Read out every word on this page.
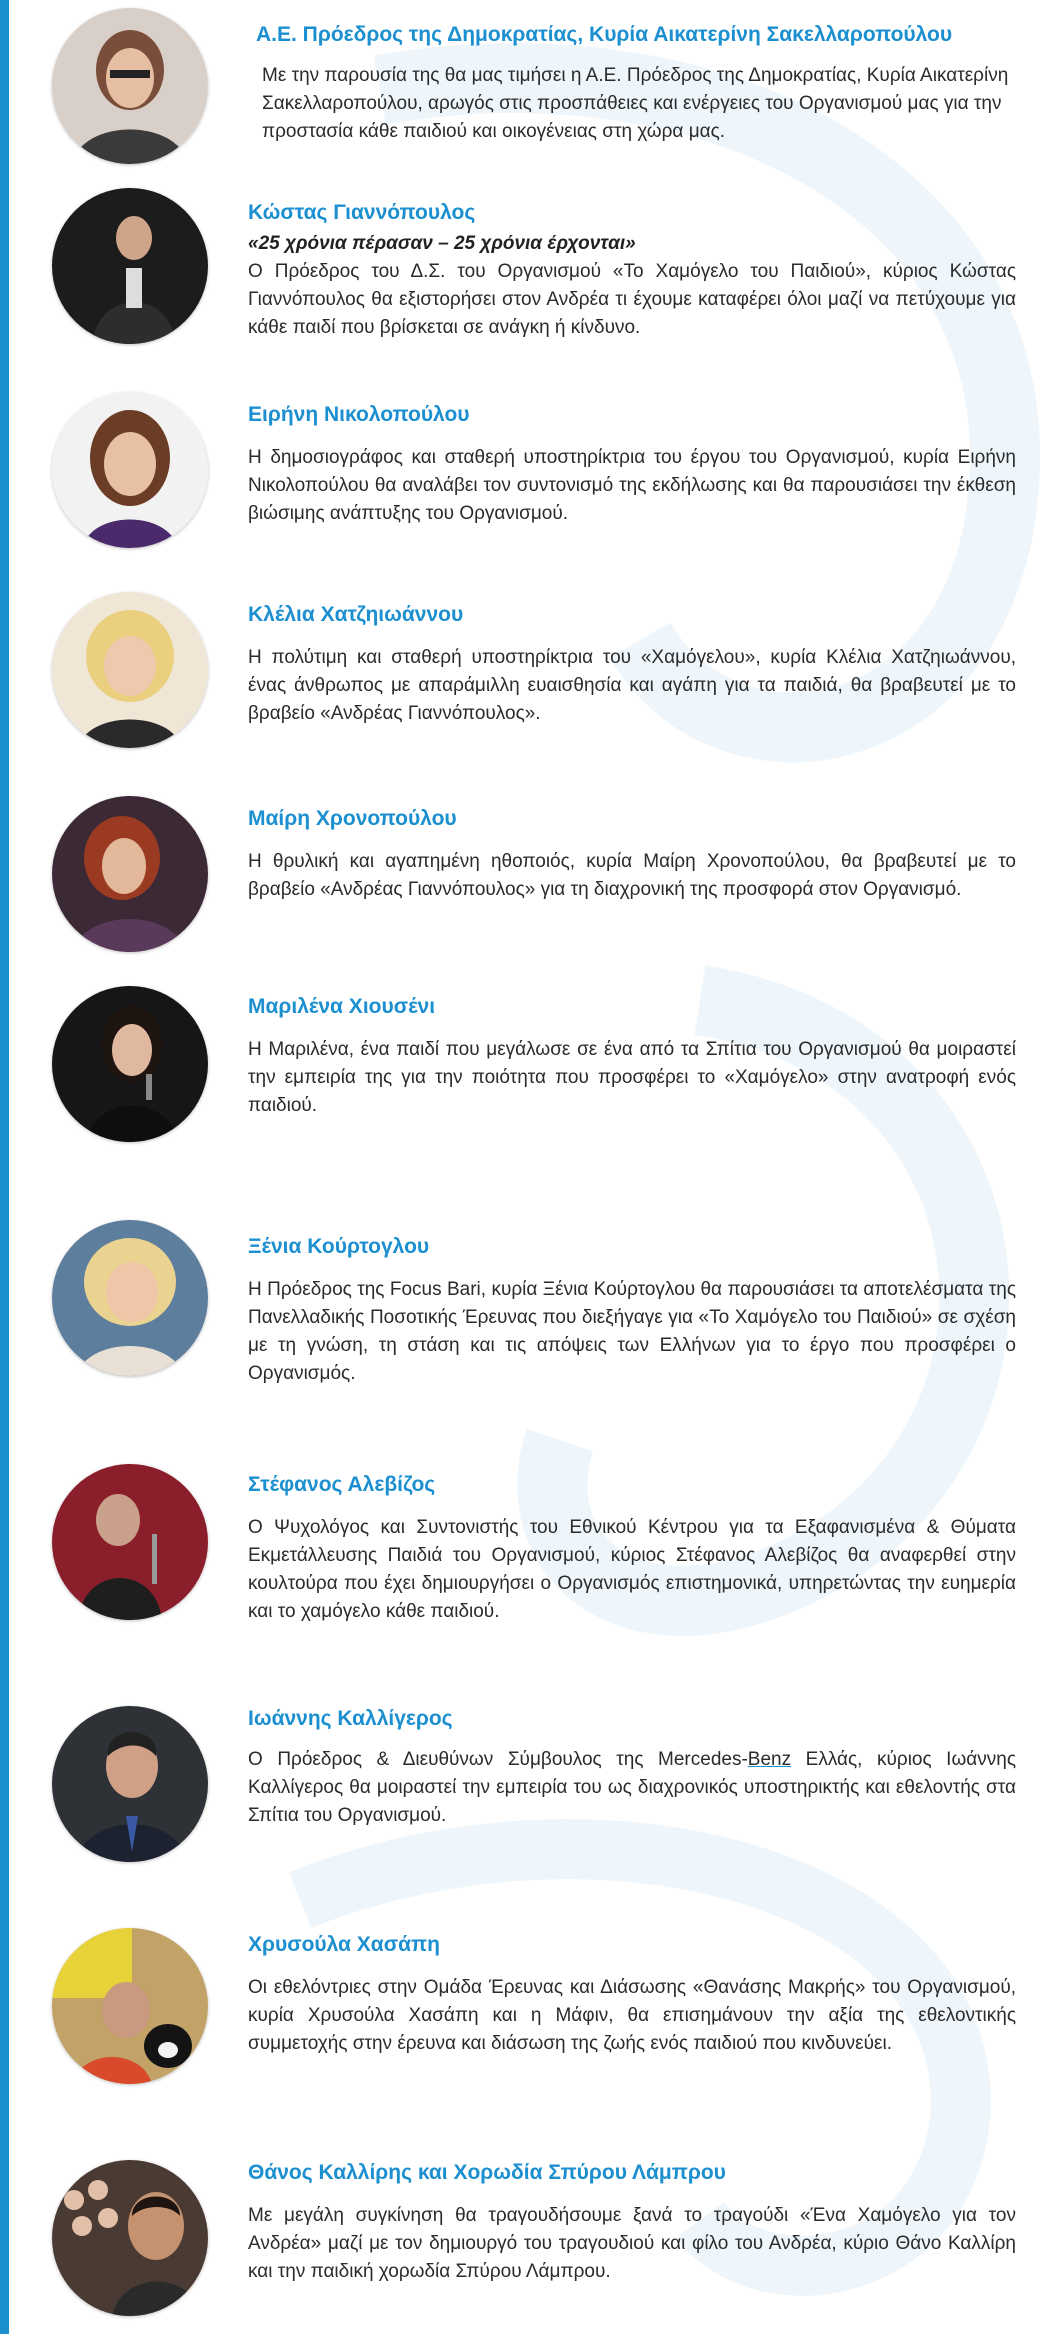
Α.Ε. Πρόεδρος της Δημοκρατίας, Κυρία Αικατερίνη Σακελλαροπούλου

Με την παρουσία της θα μας τιμήσει η Α.Ε. Πρόεδρος της Δημοκρατίας, Κυρία Αικατερίνη Σακελλαροπούλου, αρωγός στις προσπάθειες και ενέργειες του Οργανισμού μας για την προστασία κάθε παιδιού και οικογένειας στη χώρα μας.

Κώστας Γιαννόπουλος
«25 χρόνια πέρασαν – 25 χρόνια έρχονται»

Ο Πρόεδρος του Δ.Σ. του Οργανισμού «Το Χαμόγελο του Παιδιού», κύριος Κώστας Γιαννόπουλος θα εξιστορήσει στον Ανδρέα τι έχουμε καταφέρει όλοι μαζί να πετύχουμε για κάθε παιδί που βρίσκεται σε ανάγκη ή κίνδυνο.

Ειρήνη Νικολοπούλου

Η δημοσιογράφος και σταθερή υποστηρίκτρια του έργου του Οργανισμού, κυρία Ειρήνη Νικολοπούλου θα αναλάβει τον συντονισμό της εκδήλωσης και θα παρουσιάσει την έκθεση βιώσιμης ανάπτυξης του Οργανισμού.

Κλέλια Χατζηιωάννου

Η πολύτιμη και σταθερή υποστηρίκτρια του «Χαμόγελου», κυρία Κλέλια Χατζηιωάννου, ένας άνθρωπος με απαράμιλλη ευαισθησία και αγάπη για τα παιδιά, θα βραβευτεί με το βραβείο «Ανδρέας Γιαννόπουλος».

Μαίρη Χρονοπούλου

Η θρυλική και αγαπημένη ηθοποιός, κυρία Μαίρη Χρονοπούλου, θα βραβευτεί με το βραβείο «Ανδρέας Γιαννόπουλος» για τη διαχρονική της προσφορά στον Οργανισμό.

Μαριλένα Χιουσένι

Η Μαριλένα, ένα παιδί που μεγάλωσε σε ένα από τα Σπίτια του Οργανισμού θα μοιραστεί την εμπειρία της για την ποιότητα που προσφέρει το «Χαμόγελο» στην ανατροφή ενός παιδιού.

Ξένια Κούρτογλου

Η Πρόεδρος της Focus Bari, κυρία Ξένια Κούρτογλου θα παρουσιάσει τα αποτελέσματα της Πανελλαδικής Ποσοτικής Έρευνας που διεξήγαγε για «Το Χαμόγελο του Παιδιού» σε σχέση με τη γνώση, τη στάση και τις απόψεις των Ελλήνων για το έργο που προσφέρει ο Οργανισμός.

Στέφανος Αλεβίζος

Ο Ψυχολόγος και Συντονιστής του Εθνικού Κέντρου για τα Εξαφανισμένα & Θύματα Εκμετάλλευσης Παιδιά του Οργανισμού, κύριος Στέφανος Αλεβίζος θα αναφερθεί στην κουλτούρα που έχει δημιουργήσει ο Οργανισμός επιστημονικά, υπηρετώντας την ευημερία και το χαμόγελο κάθε παιδιού.

Ιωάννης Καλλίγερος

Ο Πρόεδρος & Διευθύνων Σύμβουλος της Mercedes-Benz Ελλάς, κύριος Ιωάννης Καλλίγερος θα μοιραστεί την εμπειρία του ως διαχρονικός υποστηρικτής και εθελοντής στα Σπίτια του Οργανισμού.

Χρυσούλα Χασάπη

Οι εθελόντριες στην Ομάδα Έρευνας και Διάσωσης «Θανάσης Μακρής» του Οργανισμού, κυρία Χρυσούλα Χασάπη και η Μάφιν, θα επισημάνουν την αξία της εθελοντικής συμμετοχής στην έρευνα και διάσωση της ζωής ενός παιδιού που κινδυνεύει.

Θάνος Καλλίρης και Χορωδία Σπύρου Λάμπρου

Με μεγάλη συγκίνηση θα τραγουδήσουμε ξανά το τραγούδι «Ένα Χαμόγελο για τον Ανδρέα» μαζί με τον δημιουργό του τραγουδιού και φίλο του Ανδρέα, κύριο Θάνο Καλλίρη και την παιδική χορωδία Σπύρου Λάμπρου.
